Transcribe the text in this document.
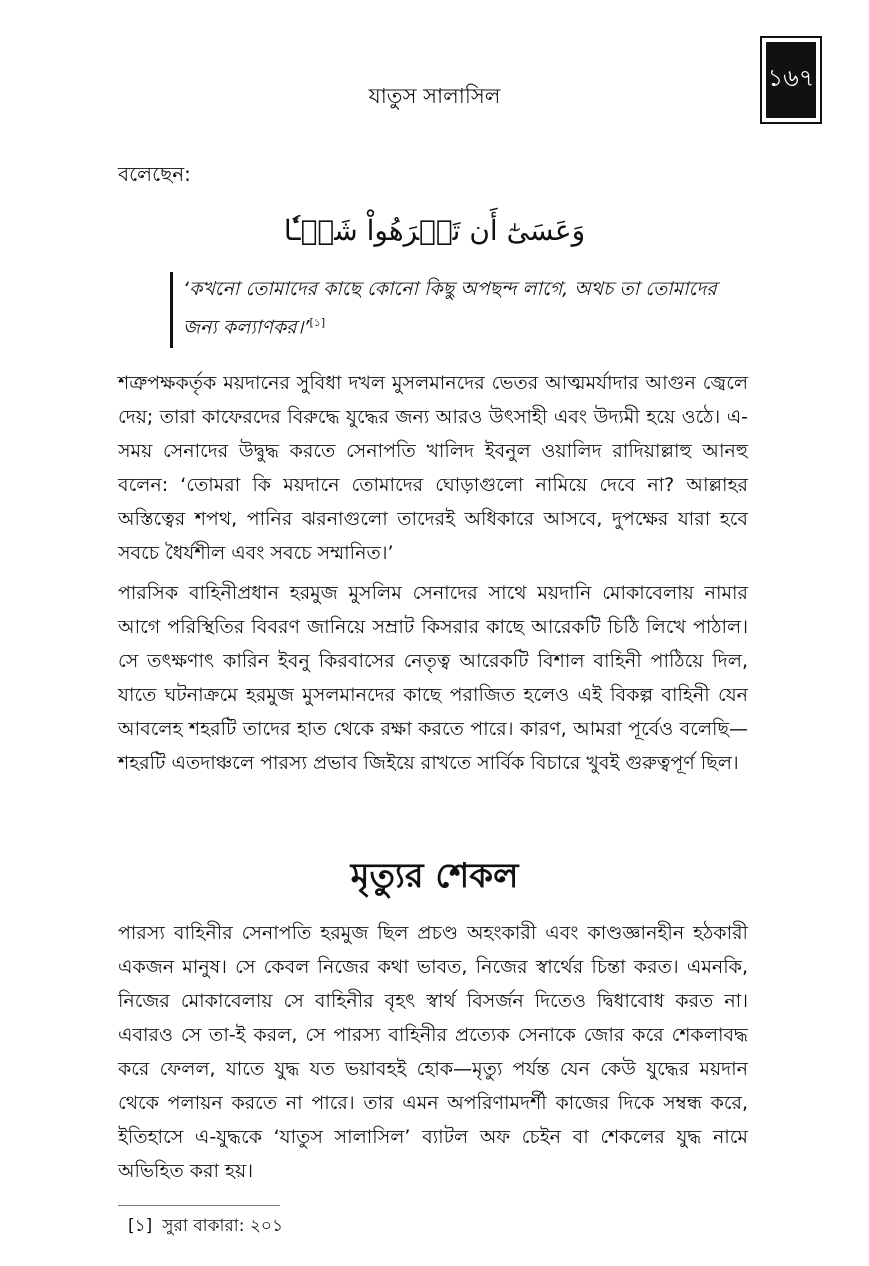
১৬৭
যাতুস সালাসিল
বলেছেন:
وَعَسَىٰٓ أَن تَكۡرَهُواْ شَيۡـٔٗا
‘কখনো তোমাদের কাছে কোনো কিছু অপছন্দ লাগে, অথচ তা তোমাদের জন্য কল্যাণকর।’[১]
শত্রুপক্ষকর্তৃক ময়দানের সুবিধা দখল মুসলমানদের ভেতর আত্মমর্যাদার আগুন জ্বেলে দেয়; তারা কাফেরদের বিরুদ্ধে যুদ্ধের জন্য আরও উৎসাহী এবং উদ্যমী হয়ে ওঠে। এ-সময় সেনাদের উদ্বুদ্ধ করতে সেনাপতি খালিদ ইবনুল ওয়ালিদ রাদিয়াল্লাহু আনহু বলেন: ‘তোমরা কি ময়দানে তোমাদের ঘোড়াগুলো নামিয়ে দেবে না? আল্লাহর অস্তিত্বের শপথ, পানির ঝরনাগুলো তাদেরই অধিকারে আসবে, দুপক্ষের যারা হবে সবচে ধৈর্যশীল এবং সবচে সম্মানিত।’
পারসিক বাহিনীপ্রধান হরমুজ মুসলিম সেনাদের সাথে ময়দানি মোকাবেলায় নামার আগে পরিস্থিতির বিবরণ জানিয়ে সম্রাট কিসরার কাছে আরেকটি চিঠি লিখে পাঠাল। সে তৎক্ষণাৎ কারিন ইবনু কিরবাসের নেতৃত্ব আরেকটি বিশাল বাহিনী পাঠিয়ে দিল, যাতে ঘটনাক্রমে হরমুজ মুসলমানদের কাছে পরাজিত হলেও এই বিকল্প বাহিনী যেন আবলেহ শহরটি তাদের হাত থেকে রক্ষা করতে পারে। কারণ, আমরা পূর্বেও বলেছি—শহরটি এতদাঞ্চলে পারস্য প্রভাব জিইয়ে রাখতে সার্বিক বিচারে খুবই গুরুত্বপূর্ণ ছিল।
মৃত্যুর শেকল
পারস্য বাহিনীর সেনাপতি হরমুজ ছিল প্রচণ্ড অহংকারী এবং কাণ্ডজ্ঞানহীন হঠকারী একজন মানুষ। সে কেবল নিজের কথা ভাবত, নিজের স্বার্থের চিন্তা করত। এমনকি, নিজের মোকাবেলায় সে বাহিনীর বৃহৎ স্বার্থ বিসর্জন দিতেও দ্বিধাবোধ করত না। এবারও সে তা-ই করল, সে পারস্য বাহিনীর প্রত্যেক সেনাকে জোর করে শেকলাবদ্ধ করে ফেলল, যাতে যুদ্ধ যত ভয়াবহই হোক—মৃত্যু পর্যন্ত যেন কেউ যুদ্ধের ময়দান থেকে পলায়ন করতে না পারে। তার এমন অপরিণামদর্শী কাজের দিকে সম্বন্ধ করে, ইতিহাসে এ-যুদ্ধকে ‘যাতুস সালাসিল’ ব্যাটল অফ চেইন বা শেকলের যুদ্ধ নামে অভিহিত করা হয়।
[১] সুরা বাকারা: ২০১
